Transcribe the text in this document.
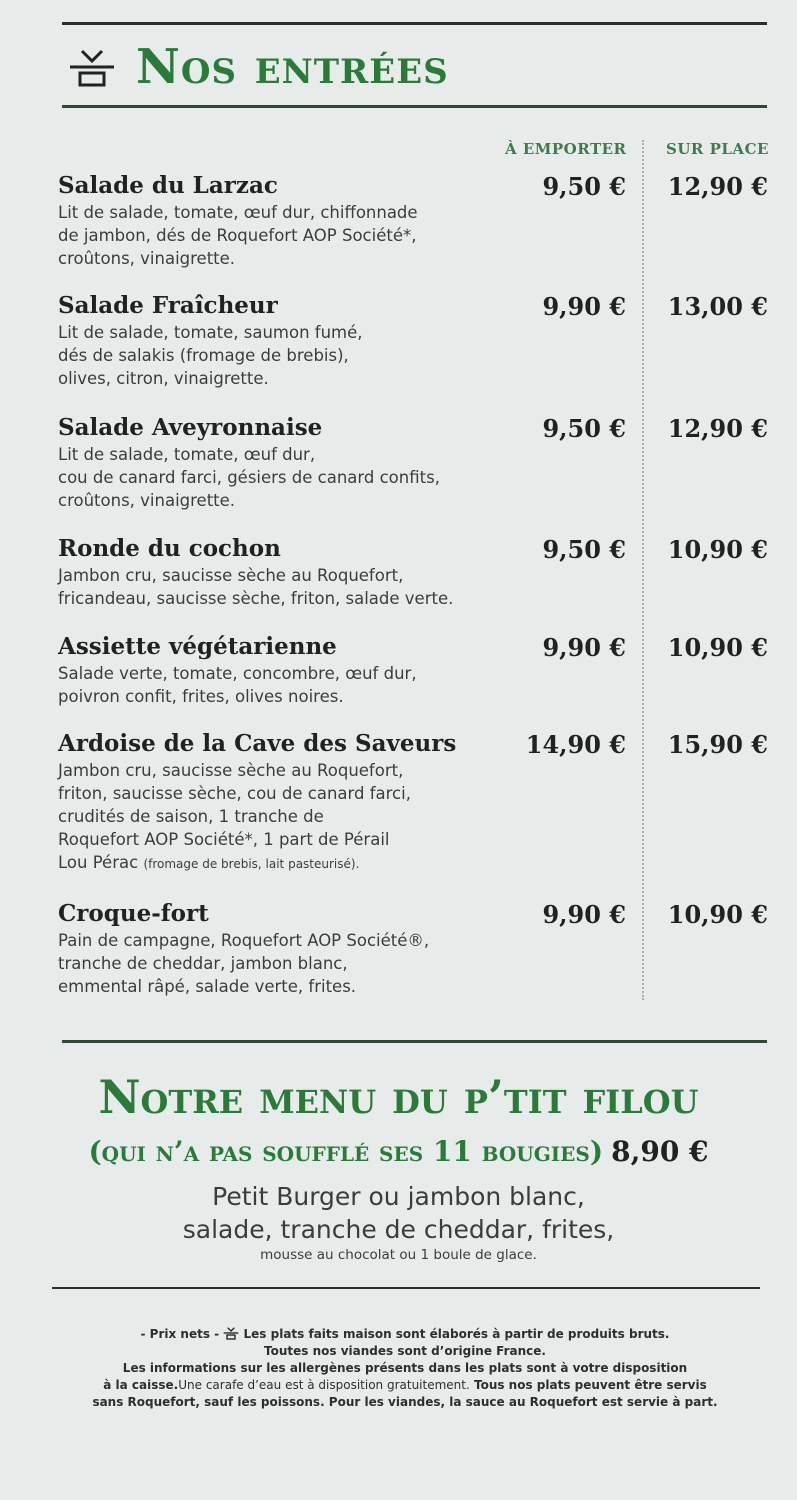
Nos entrées
À EMPORTER	SUR PLACE
Salade du Larzac
Lit de salade, tomate, œuf dur, chiffonnade
de jambon, dés de Roquefort AOP Société*,
croûtons, vinaigrette.
9,50 € 12,90 €
Salade Fraîcheur
Lit de salade, tomate, saumon fumé,
dés de salakis (fromage de brebis),
olives, citron, vinaigrette.
9,90 € 13,00 €
Salade Aveyronnaise
Lit de salade, tomate, œuf dur,
cou de canard farci, gésiers de canard confits,
croûtons, vinaigrette.
9,50 € 12,90 €
Ronde du cochon
Jambon cru, saucisse sèche au Roquefort,
fricandeau, saucisse sèche, friton, salade verte.
9,50 € 10,90 €
Assiette végétarienne
Salade verte, tomate, concombre, œuf dur,
poivron confit, frites, olives noires.
9,90 € 10,90 €
Ardoise de la Cave des Saveurs
Jambon cru, saucisse sèche au Roquefort,
friton, saucisse sèche, cou de canard farci,
crudités de saison, 1 tranche de
Roquefort AOP Société*, 1 part de Pérail
Lou Pérac (fromage de brebis, lait pasteurisé).
14,90 € 15,90 €
Croque-fort
Pain de campagne, Roquefort AOP Société®,
tranche de cheddar, jambon blanc,
emmental râpé, salade verte, frites.
9,90 € 10,90 €
Notre menu du p’tit filou
(qui n’a pas soufflé ses 11 bougies) 8,90 €
Petit Burger ou jambon blanc,
salade, tranche de cheddar, frites,
mousse au chocolat ou 1 boule de glace.
- Prix nets - Les plats faits maison sont élaborés à partir de produits bruts.
Toutes nos viandes sont d’origine France.
Les informations sur les allergènes présents dans les plats sont à votre disposition
à la caisse.Une carafe d’eau est à disposition gratuitement. Tous nos plats peuvent être servis
sans Roquefort, sauf les poissons. Pour les viandes, la sauce au Roquefort est servie à part.
